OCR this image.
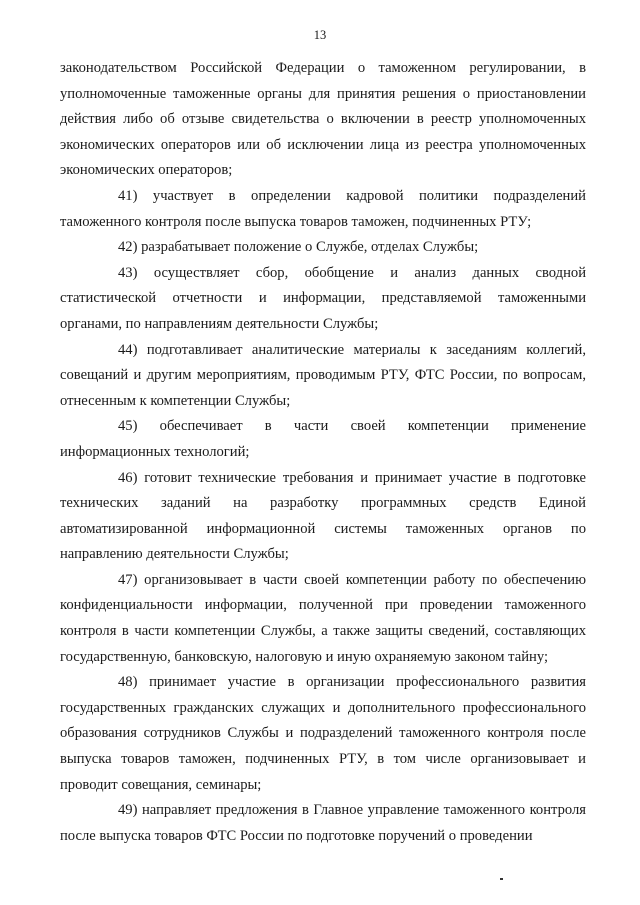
13

законодательством Российской Федерации о таможенном регулировании, в уполномоченные таможенные органы для принятия решения о приостановлении действия либо об отзыве свидетельства о включении в реестр уполномоченных экономических операторов или об исключении лица из реестра уполномоченных экономических операторов;

41) участвует в определении кадровой политики подразделений таможенного контроля после выпуска товаров таможен, подчиненных РТУ;

42) разрабатывает положение о Службе, отделах Службы;

43) осуществляет сбор, обобщение и анализ данных сводной статистической отчетности и информации, представляемой таможенными органами, по направлениям деятельности Службы;

44) подготавливает аналитические материалы к заседаниям коллегий, совещаний и другим мероприятиям, проводимым РТУ, ФТС России, по вопросам, отнесенным к компетенции Службы;

45) обеспечивает в части своей компетенции применение информационных технологий;

46) готовит технические требования и принимает участие в подготовке технических заданий на разработку программных средств Единой автоматизированной информационной системы таможенных органов по направлению деятельности Службы;

47) организовывает в части своей компетенции работу по обеспечению конфиденциальности информации, полученной при проведении таможенного контроля в части компетенции Службы, а также защиты сведений, составляющих государственную, банковскую, налоговую и иную охраняемую законом тайну;

48) принимает участие в организации профессионального развития государственных гражданских служащих и дополнительного профессионального образования сотрудников Службы и подразделений таможенного контроля после выпуска товаров таможен, подчиненных РТУ, в том числе организовывает и проводит совещания, семинары;

49) направляет предложения в Главное управление таможенного контроля после выпуска товаров ФТС России по подготовке поручений о проведении
